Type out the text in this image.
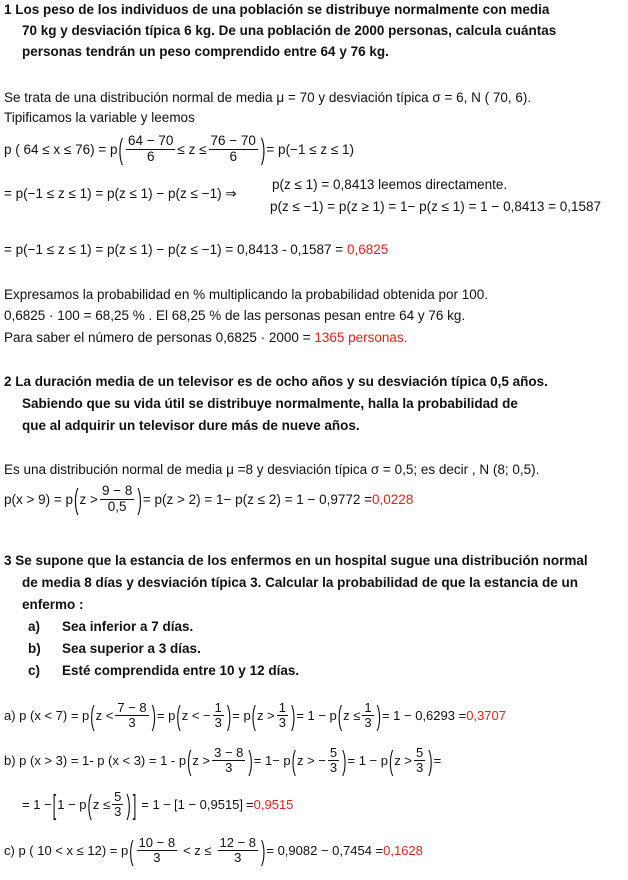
1 Los peso de los individuos de una población se distribuye normalmente con media
70 kg y desviación típica 6 kg. De una población de 2000 personas, calcula cuántas
personas tendrán un peso comprendido entre 64 y 76 kg.
Se trata de una distribución normal de media μ = 70 y desviación típica σ = 6, N ( 70, 6).
Tipificamos la variable y leemos
p ( 64 ≤ x ≤ 76) = p ( $\frac{64 - 70}{6} \le z \le \frac{76 - 70}{6}$ ) = p(−1 ≤ z ≤ 1)
= p(−1 ≤ z ≤ 1) = p(z ≤ 1) − p(z ≤ −1) ⇒
p(z ≤ 1) = 0,8413 leemos directamente.
p(z ≤ −1) = p(z ≥ 1) = 1− p(z ≤ 1) = 1 − 0,8413 = 0,1587
= p(−1 ≤ z ≤ 1) = p(z ≤ 1) − p(z ≤ −1) = 0,8413 - 0,1587 = 0,6825
Expresamos la probabilidad en % multiplicando la probabilidad obtenida por 100.
0,6825 · 100 = 68,25 % . El 68,25 % de las personas pesan entre 64 y 76 kg.
Para saber el número de personas 0,6825 · 2000 = 1365 personas.
2 La duración media de un televisor es de ocho años y su desviación típica 0,5 años.
Sabiendo que su vida útil se distribuye normalmente, halla la probabilidad de
que al adquirir un televisor dure más de nueve años.
Es una distribución normal de media μ =8 y desviación típica σ = 0,5; es decir , N (8; 0,5).
p(x > 9) = p ( $z > \frac{9 - 8}{0,5}$ ) = p(z > 2) = 1− p(z ≤ 2) = 1 − 0,9772 = 0,0228
3 Se supone que la estancia de los enfermos en un hospital sugue una distribución normal
de media 8 días y desviación típica 3. Calcular la probabilidad de que la estancia de un
enfermo :
a) Sea inferior a 7 días.
b) Sea superior a 3 días.
c) Esté comprendida entre 10 y 12 días.
a) p (x < 7) = p ( $z < \frac{7 - 8}{3}$ ) = p ( z < − $\frac{1}{3}$ ) = p ( $z > \frac{1}{3}$ ) = 1 − p ( $z \le \frac{1}{3}$ ) = 1 − 0,6293 = 0,3707
b) p (x > 3) = 1- p (x < 3) = 1 - p ( $z > \frac{3 - 8}{3}$ ) = 1− p ( z > − $\frac{5}{3}$ ) = 1 − p ( $z > \frac{5}{3}$ ) =
= 1 − [ 1 − p ( $z \le \frac{5}{3}$ ) ] = 1 − [ 1 − 0,9515 ] = 0,9515
c) p ( 10 < x ≤ 12) = p ( $\frac{10 - 8}{3} < z \le \frac{12 - 8}{3}$ ) = 0,9082 − 0,7454 = 0,1628
